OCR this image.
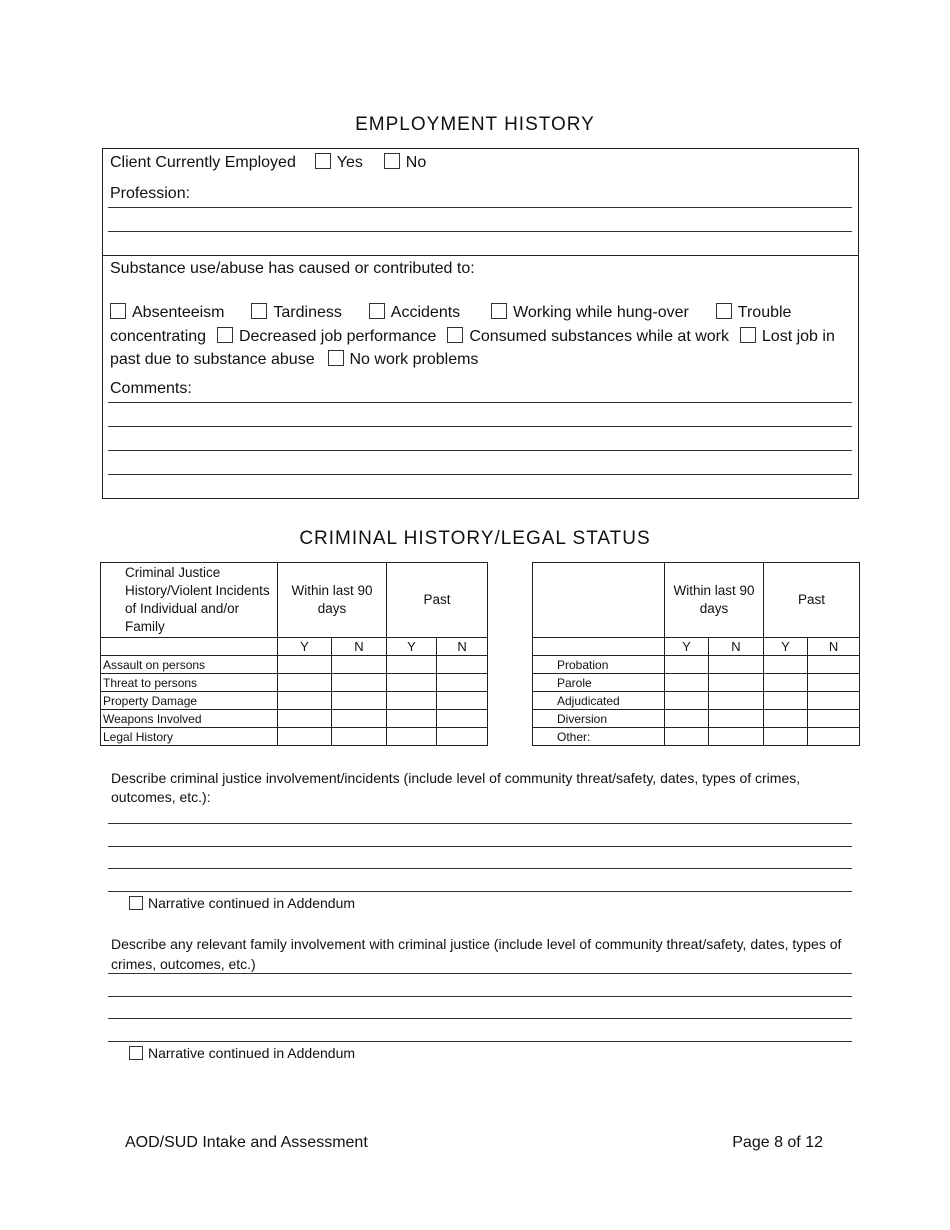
EMPLOYMENT HISTORY
Client Currently Employed	Yes	No
Profession:
Substance use/abuse has caused or contributed to:
Absenteeism	Tardiness	Accidents	Working while hung-over	Trouble concentrating Decreased job performance Consumed substances while at work Lost job in past due to substance abuse No work problems
Comments:
CRIMINAL HISTORY/LEGAL STATUS
Criminal Justice History/Violent Incidents of Individual and/or Family	Within last 90 days		Past	
	Y	N	Y	N
Assault on persons				
Threat to persons				
Property Damage				
Weapons Involved				
Legal History				
	Within last 90 days		Past	
	Y	N	Y	N
Probation				
Parole				
Adjudicated				
Diversion				
Other:				
Describe criminal justice involvement/incidents (include level of community threat/safety, dates, types of crimes, outcomes, etc.):
Narrative continued in Addendum
Describe any relevant family involvement with criminal justice (include level of community threat/safety, dates, types of crimes, outcomes, etc.)
Narrative continued in Addendum
AOD/SUD Intake and Assessment	Page 8 of 12
